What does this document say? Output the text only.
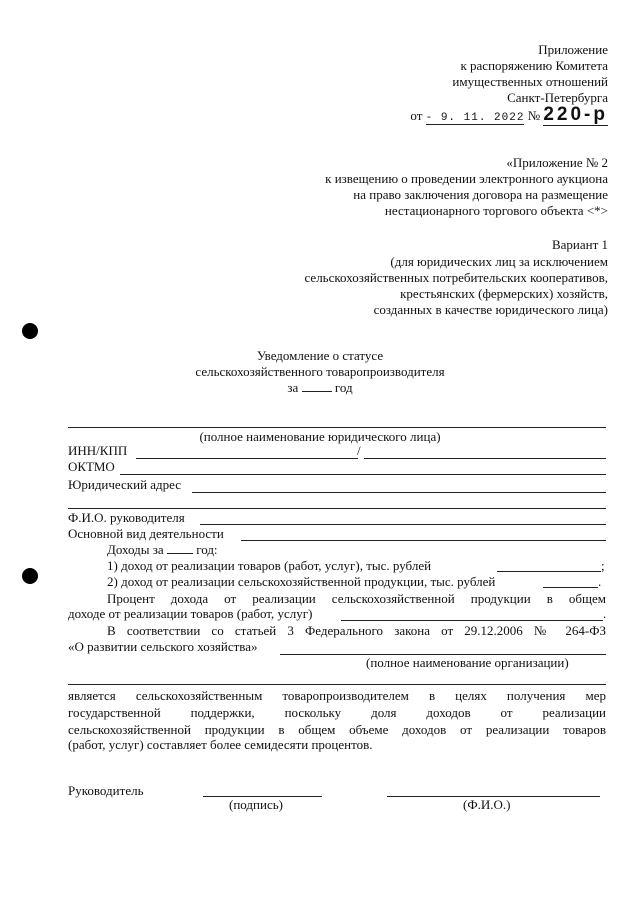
Приложение
к распоряжению Комитета
имущественных отношений
Санкт-Петербурга
от - 9. 11. 2022 № 220-р
«Приложение № 2
к извещению о проведении электронного аукциона
на право заключения договора на размещение
нестационарного торгового объекта <*>
Вариант 1
(для юридических лиц за исключением
сельскохозяйственных потребительских кооперативов,
крестьянских (фермерских) хозяйств,
созданных в качестве юридического лица)
Уведомление о статусе
сельскохозяйственного товаропроизводителя
за	год
(полное наименование юридического лица)
ИНН/КПП	/
ОКТМО
Юридический адрес
Ф.И.О. руководителя
Основной вид деятельности
Доходы за	год:
1) доход от реализации товаров (работ, услуг), тыс. рублей	;
2) доход от реализации сельскохозяйственной продукции, тыс. рублей	.
Процент дохода от реализации сельскохозяйственной продукции в общем
доходе от реализации товаров (работ, услуг)	.
В соответствии со статьей 3 Федерального закона от 29.12.2006 № 264-ФЗ
«О развитии сельского хозяйства»
(полное наименование организации)
является сельскохозяйственным товаропроизводителем в целях получения мер
государственной поддержки, поскольку доля доходов от реализации
сельскохозяйственной продукции в общем объеме доходов от реализации товаров
(работ, услуг) составляет более семидесяти процентов.
Руководитель
(подпись)	(Ф.И.О.)
